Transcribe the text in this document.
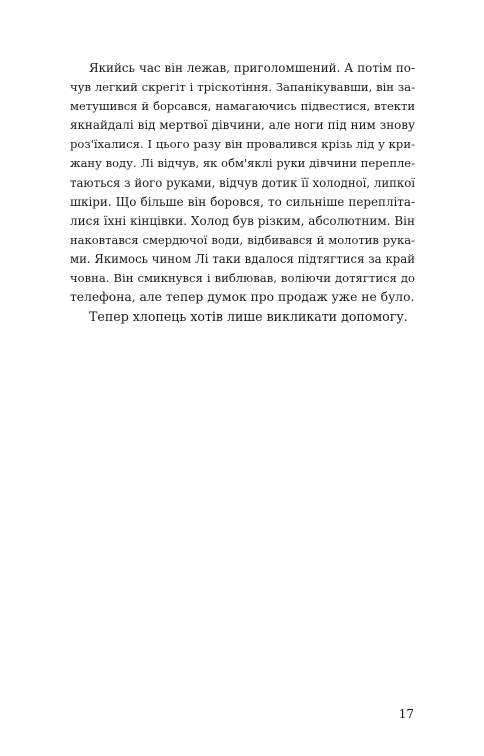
Якийсь час він лежав, приголомшений. А потім по-
чув легкий скрегіт і тріскотіння. Запанікувавши, він за-
метушився й борсався, намагаючись підвестися, втекти
якнайдалі від мертвої дівчини, але ноги під ним знову
роз'їхалися. І цього разу він провалився крізь лід у кри-
жану воду. Лі відчув, як обм'яклі руки дівчини перепле-
таються з його руками, відчув дотик її холодної, липкої
шкіри. Що більше він боровся, то сильніше перепліта-
лися їхні кінцівки. Холод був різким, абсолютним. Він
наковтався смердючої води, відбивався й молотив рука-
ми. Якимось чином Лі таки вдалося підтягтися за край
човна. Він смикнувся і виблював, воліючи дотягтися до
телефона, але тепер думок про продаж уже не було.
Тепер хлопець хотів лише викликати допомогу.
17
